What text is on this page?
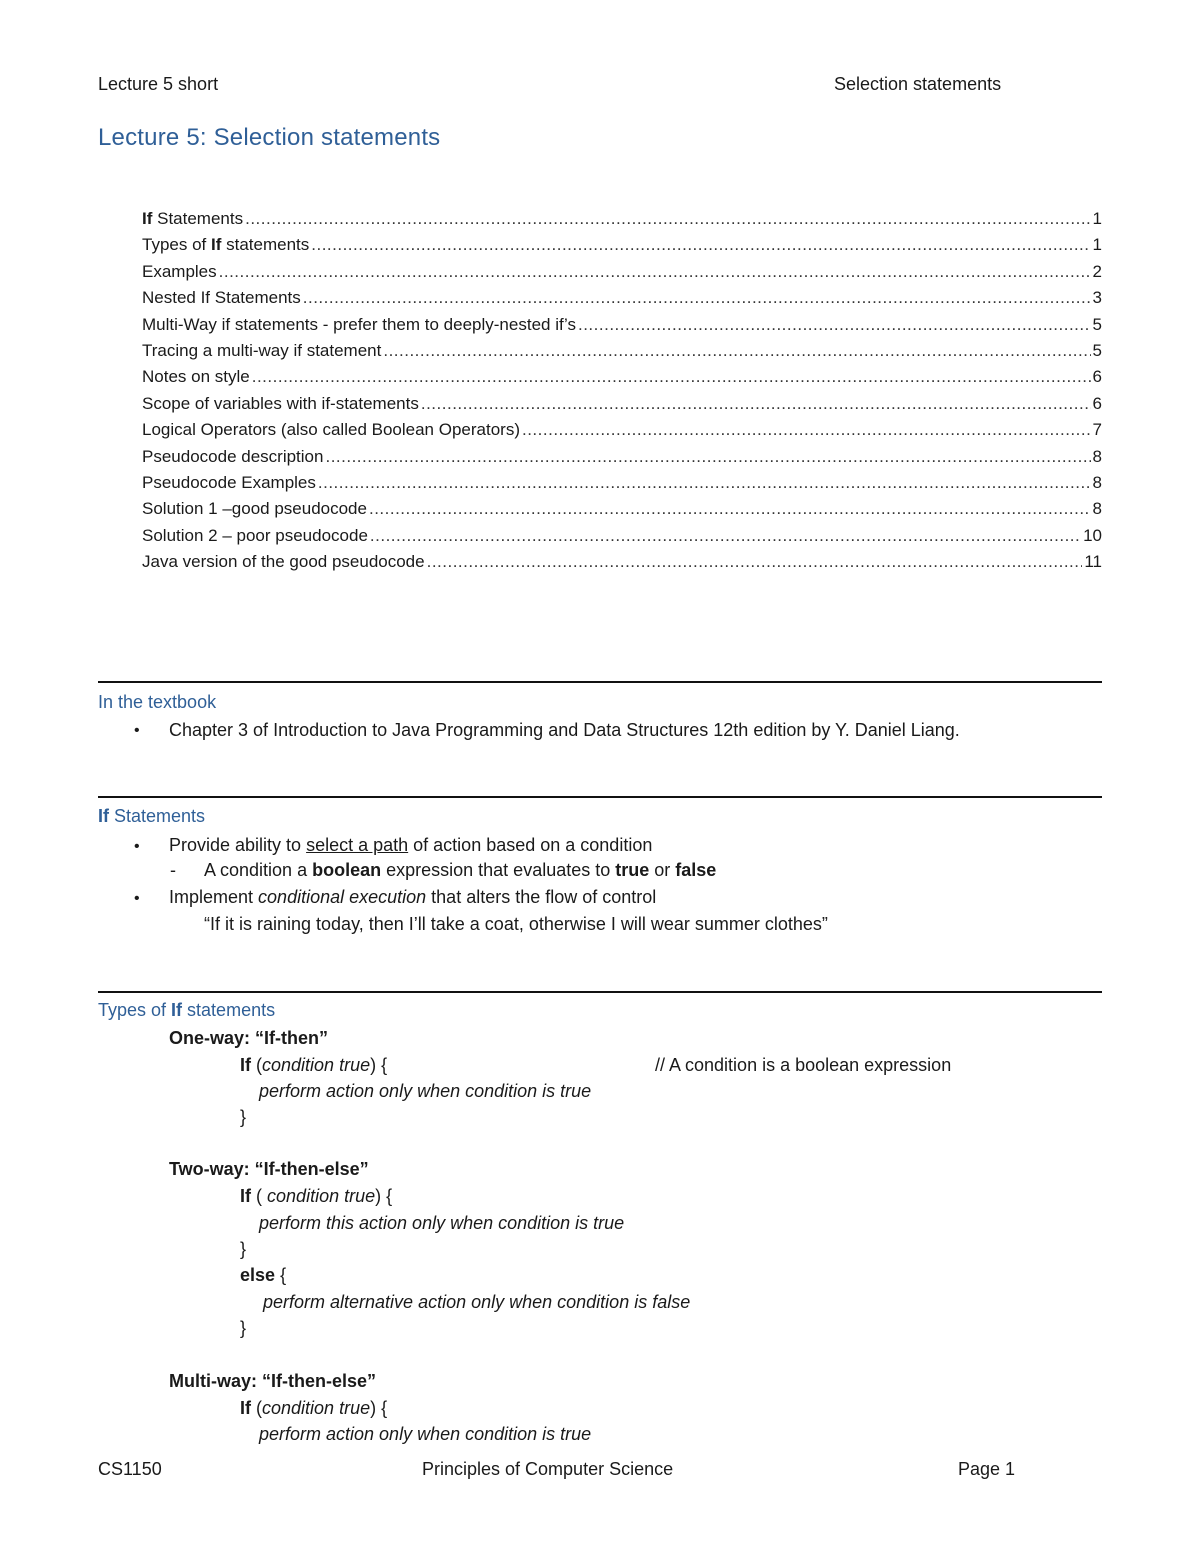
Lecture 5 short	Selection statements
Lecture 5: Selection statements
If Statements .....	1
Types of If statements .....	1
Examples .....	2
Nested If Statements .....	3
Multi-Way if statements - prefer them to deeply-nested if’s .....	5
Tracing a multi-way if statement .....	5
Notes on style .....	6
Scope of variables with if-statements .....	6
Logical Operators (also called Boolean Operators) .....	7
Pseudocode description .....	8
Pseudocode Examples .....	8
Solution 1 –good pseudocode .....	8
Solution 2 – poor pseudocode .....	10
Java version of the good pseudocode .....	11
In the textbook
• Chapter 3 of Introduction to Java Programming and Data Structures 12th edition by Y. Daniel Liang.
If Statements
• Provide ability to select a path of action based on a condition
- A condition a boolean expression that evaluates to true or false
• Implement conditional execution that alters the flow of control
“If it is raining today, then I’ll take a coat, otherwise I will wear summer clothes”
Types of If statements
One-way: “If-then”
If (condition true) {	// A condition is a boolean expression
perform action only when condition is true
}
Two-way: “If-then-else”
If ( condition true) {
perform this action only when condition is true
}
else {
perform alternative action only when condition is false
}
Multi-way: “If-then-else”
If (condition true) {
perform action only when condition is true
CS1150	Principles of Computer Science	Page 1
